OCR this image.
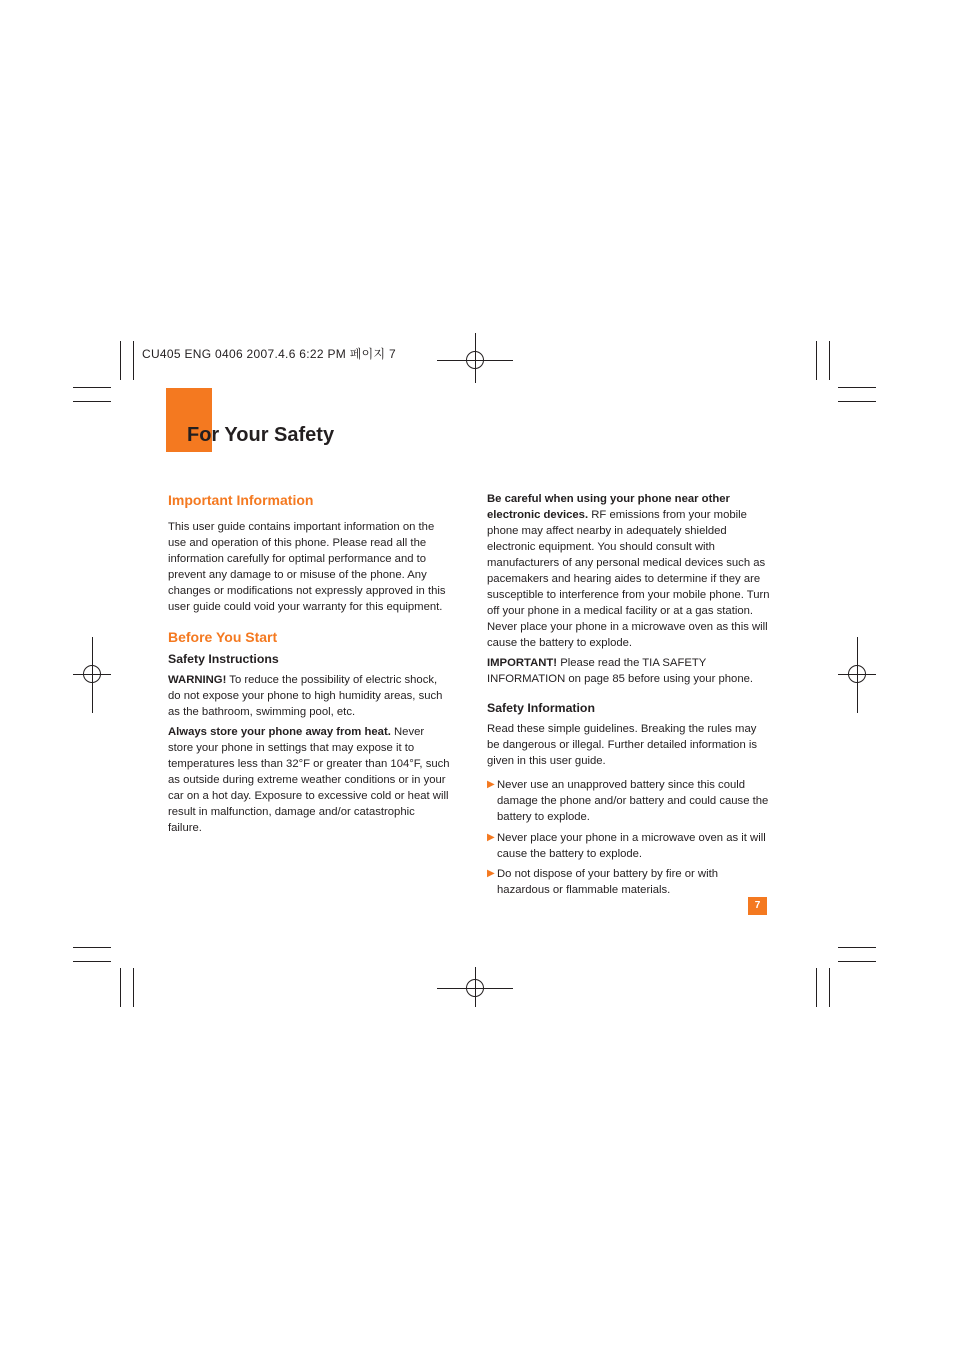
CU405 ENG 0406 2007.4.6 6:22 PM 페이지 7
For Your Safety
Important Information

This user guide contains important information on the use and operation of this phone. Please read all the information carefully for optimal performance and to prevent any damage to or misuse of the phone. Any changes or modifications not expressly approved in this user guide could void your warranty for this equipment.

Before You Start
Safety Instructions

WARNING! To reduce the possibility of electric shock, do not expose your phone to high humidity areas, such as the bathroom, swimming pool, etc.

Always store your phone away from heat. Never store your phone in settings that may expose it to temperatures less than 32°F or greater than 104°F, such as outside during extreme weather conditions or in your car on a hot day. Exposure to excessive cold or heat will result in malfunction, damage and/or catastrophic failure.

Be careful when using your phone near other electronic devices. RF emissions from your mobile phone may affect nearby in adequately shielded electronic equipment. You should consult with manufacturers of any personal medical devices such as pacemakers and hearing aides to determine if they are susceptible to interference from your mobile phone. Turn off your phone in a medical facility or at a gas station. Never place your phone in a microwave oven as this will cause the battery to explode.

IMPORTANT! Please read the TIA SAFETY INFORMATION on page 85 before using your phone.

Safety Information

Read these simple guidelines. Breaking the rules may be dangerous or illegal. Further detailed information is given in this user guide.

▶ Never use an unapproved battery since this could damage the phone and/or battery and could cause the battery to explode.
▶ Never place your phone in a microwave oven as it will cause the battery to explode.
▶ Do not dispose of your battery by fire or with hazardous or flammable materials.
7
